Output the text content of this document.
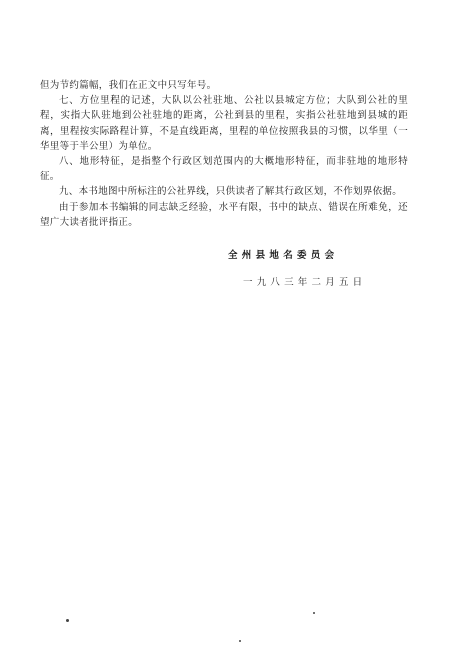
但为节约篇幅，我们在正文中只写年号。

七、方位里程的记述，大队以公社驻地、公社以县城定方位；大队到公社的里程，实指大队驻地到公社驻地的距离，公社到县的里程，实指公社驻地到县城的距离，里程按实际路程计算，不是直线距离，里程的单位按照我县的习惯，以华里（一华里等于半公里）为单位。

八、地形特征，是指整个行政区划范围内的大概地形特征，而非驻地的地形特征。

九、本书地图中所标注的公社界线，只供读者了解其行政区划，不作划界依据。

由于参加本书编辑的同志缺乏经验，水平有限，书中的缺点、错误在所难免，还望广大读者批评指正。

全州县地名委员会
一九八三年二月五日
